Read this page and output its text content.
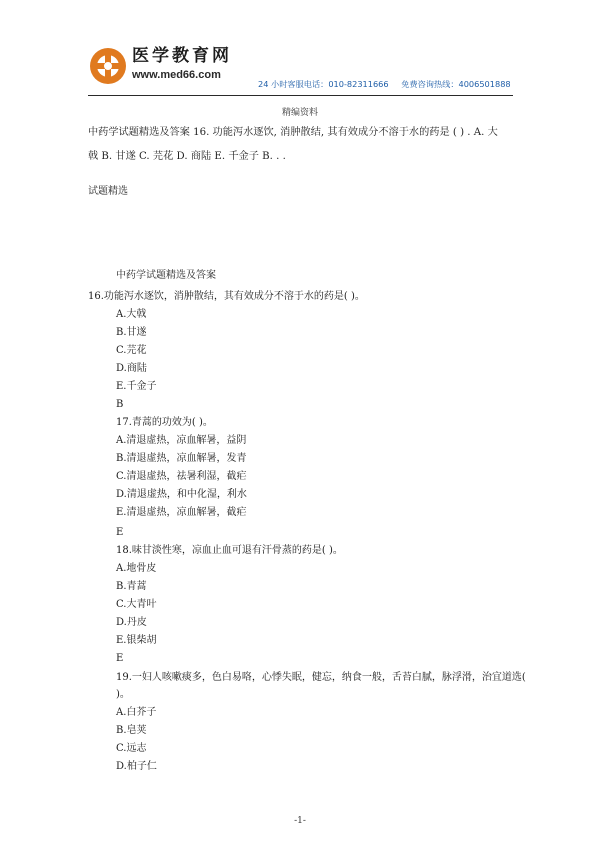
医学教育网
www.med66.com
24 小时客服电话：010-82311666 免费咨询热线：4006501888
精编资料
中药学试题精选及答案 16. 功能泻水逐饮, 消肿散结, 其有效成分不溶于水的药是 ( ) . A. 大
戟 B. 甘遂 C. 芫花 D. 商陆 E. 千金子 B. . .
试题精选
中药学试题精选及答案
16.功能泻水逐饮，消肿散结，其有效成分不溶于水的药是( )。
A.大戟
B.甘遂
C.芫花
D.商陆
E.千金子
B
17.青蒿的功效为( )。
A.清退虚热，凉血解暑，益阴
B.清退虚热，凉血解暑，发青
C.清退虚热，祛暑利湿，截疟
D.清退虚热，和中化湿，利水
E.清退虚热，凉血解暑，截疟
E
18.味甘淡性寒，凉血止血可退有汗骨蒸的药是( )。
A.地骨皮
B.青蒿
C.大青叶
D.丹皮
E.银柴胡
E
19.一妇人咳嗽痰多，色白易咯，心悸失眠，健忘，纳食一般，舌苔白腻，脉浮滑，治宜道选( )。
A.白芥子
B.皂荚
C.远志
D.柏子仁
-1-
